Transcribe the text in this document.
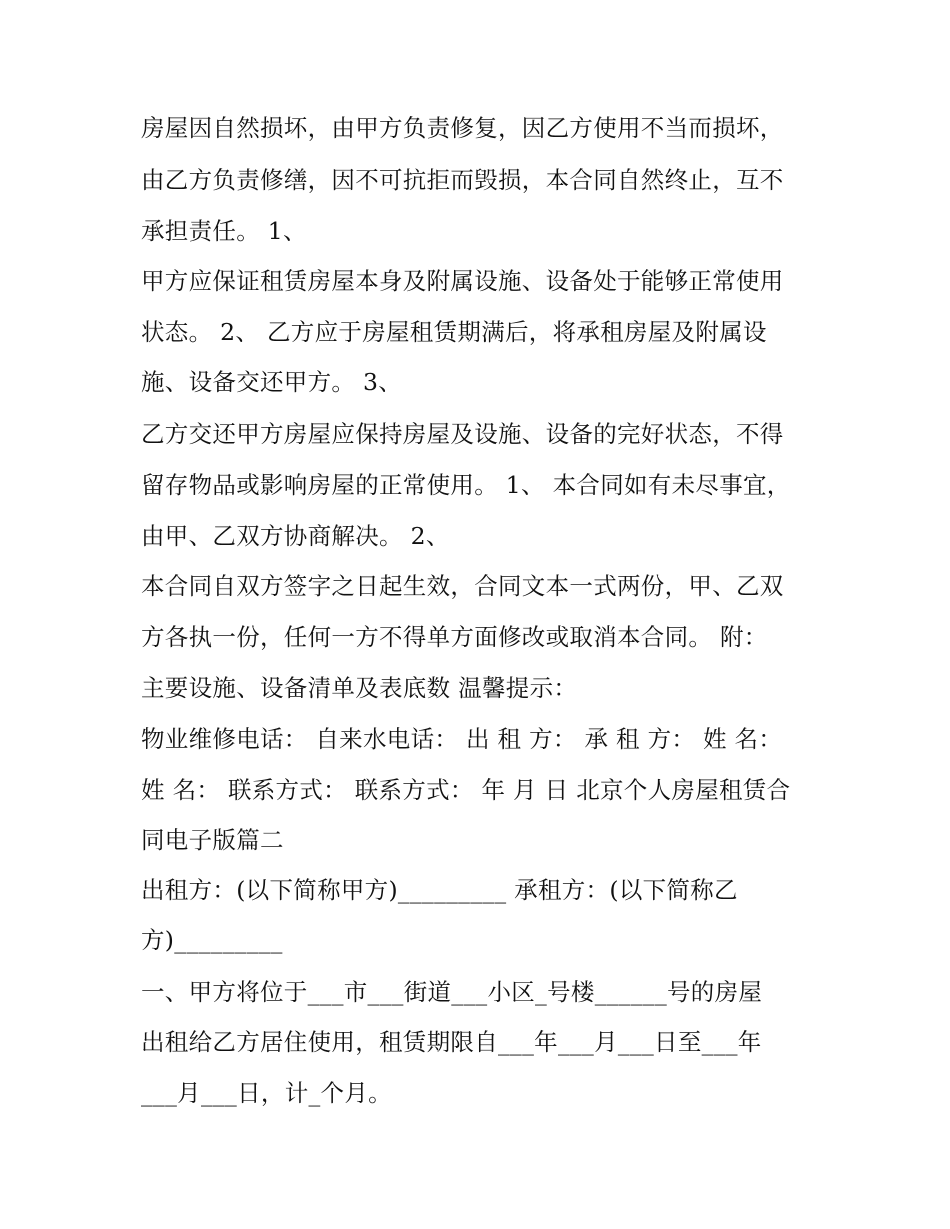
房屋因自然损坏，由甲方负责修复，因乙方使用不当而损坏，
由乙方负责修缮，因不可抗拒而毁损，本合同自然终止，互不
承担责任。 1、
甲方应保证租赁房屋本身及附属设施、设备处于能够正常使用
状态。 2、 乙方应于房屋租赁期满后，将承租房屋及附属设
施、设备交还甲方。 3、
乙方交还甲方房屋应保持房屋及设施、设备的完好状态，不得
留存物品或影响房屋的正常使用。 1、 本合同如有未尽事宜，
由甲、乙双方协商解决。 2、
本合同自双方签字之日起生效，合同文本一式两份，甲、乙双
方各执一份，任何一方不得单方面修改或取消本合同。 附：
主要设施、设备清单及表底数 温馨提示：
物业维修电话： 自来水电话： 出 租 方： 承 租 方： 姓 名：
姓 名： 联系方式： 联系方式： 年 月 日 北京个人房屋租赁合
同电子版篇二
出租方：(以下简称甲方)_________ 承租方：(以下简称乙
方)_________
一、甲方将位于___市___街道___小区_号楼______号的房屋
出租给乙方居住使用，租赁期限自___年___月___日至___年
___月___日，计_个月。
